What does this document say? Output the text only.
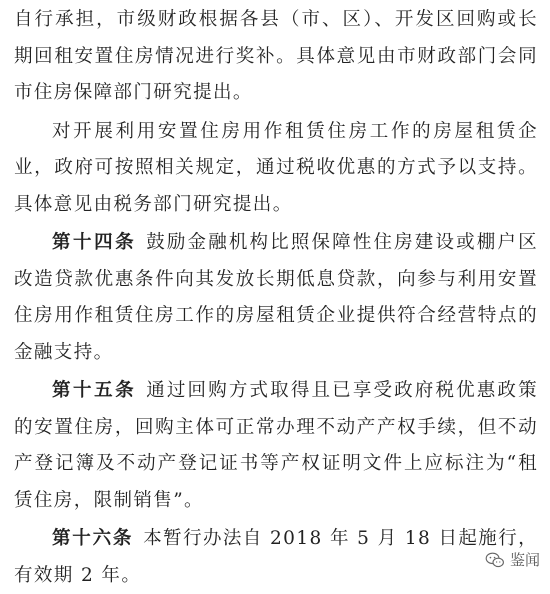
自行承担，市级财政根据各县（市、区）、开发区回购或长期回租安置住房情况进行奖补。具体意见由市财政部门会同市住房保障部门研究提出。

对开展利用安置住房用作租赁住房工作的房屋租赁企业，政府可按照相关规定，通过税收优惠的方式予以支持。具体意见由税务部门研究提出。

第十四条 鼓励金融机构比照保障性住房建设或棚户区改造贷款优惠条件向其发放长期低息贷款，向参与利用安置住房用作租赁住房工作的房屋租赁企业提供符合经营特点的金融支持。

第十五条 通过回购方式取得且已享受政府税优惠政策的安置住房，回购主体可正常办理不动产产权手续，但不动产登记簿及不动产登记证书等产权证明文件上应标注为“租赁住房，限制销售”。

第十六条 本暂行办法自 2018 年 5 月 18 日起施行，有效期 2 年。

鉴闻
